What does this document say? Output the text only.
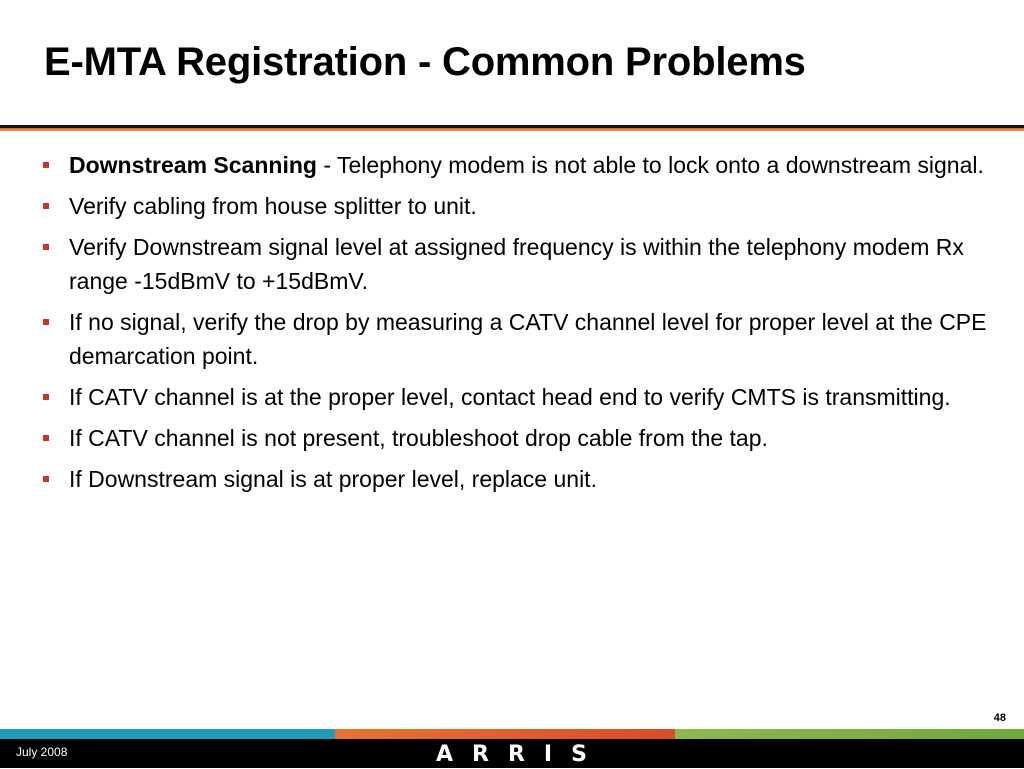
E-MTA Registration - Common Problems
Downstream Scanning - Telephony modem is not able to lock onto a downstream signal.
Verify cabling from house splitter to unit.
Verify Downstream signal level at assigned frequency is within the telephony modem Rx range -15dBmV to +15dBmV.
If no signal, verify the drop by measuring a CATV channel level for proper level at the CPE demarcation point.
If CATV channel is at the proper level, contact head end to verify CMTS is transmitting.
If CATV channel is not present, troubleshoot drop cable from the tap.
If Downstream signal is at proper level, replace unit.
48
July 2008	ARRIS
